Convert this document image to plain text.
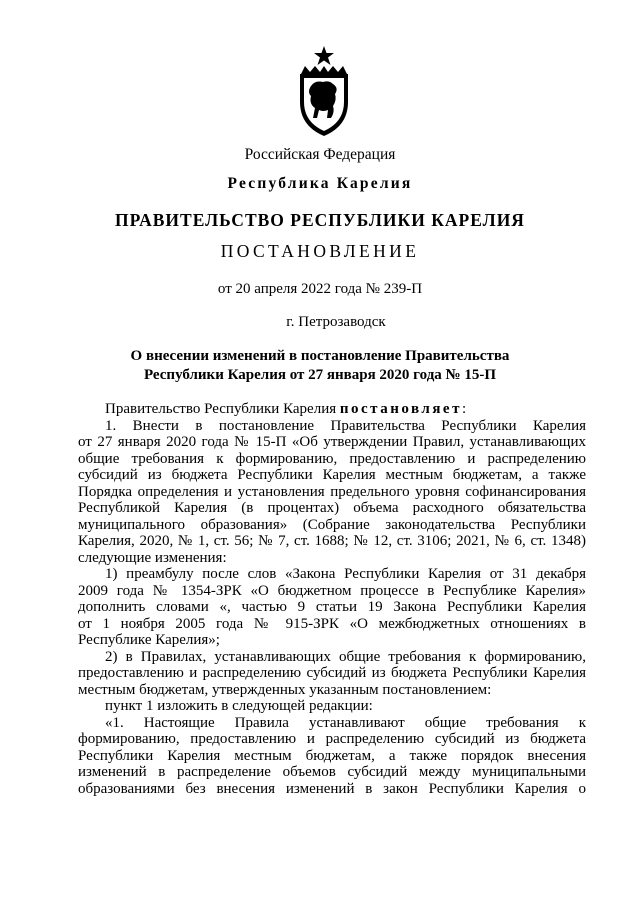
Российская Федерация
Республика Карелия
ПРАВИТЕЛЬСТВО РЕСПУБЛИКИ КАРЕЛИЯ
ПОСТАНОВЛЕНИЕ
от 20 апреля 2022 года № 239-П
г. Петрозаводск
О внесении изменений в постановление Правительства
Республики Карелия от 27 января 2020 года № 15-П
Правительство Республики Карелия постановляет:
1. Внести в постановление Правительства Республики Карелия
от 27 января 2020 года № 15-П «Об утверждении Правил, устанавливающих
общие требования к формированию, предоставлению и распределению
субсидий из бюджета Республики Карелия местным бюджетам, а также
Порядка определения и установления предельного уровня софинансирования
Республикой Карелия (в процентах) объема расходного обязательства
муниципального образования» (Собрание законодательства Республики
Карелия, 2020, № 1, ст. 56; № 7, ст. 1688; № 12, ст. 3106; 2021, № 6, ст. 1348)
следующие изменения:
1) преамбулу после слов «Закона Республики Карелия от 31 декабря
2009 года № 1354-ЗРК «О бюджетном процессе в Республике Карелия»
дополнить словами «, частью 9 статьи 19 Закона Республики Карелия
от 1 ноября 2005 года № 915-ЗРК «О межбюджетных отношениях в
Республике Карелия»;
2) в Правилах, устанавливающих общие требования к формированию,
предоставлению и распределению субсидий из бюджета Республики Карелия
местным бюджетам, утвержденных указанным постановлением:
пункт 1 изложить в следующей редакции:
«1. Настоящие Правила устанавливают общие требования к
формированию, предоставлению и распределению субсидий из бюджета
Республики Карелия местным бюджетам, а также порядок внесения
изменений в распределение объемов субсидий между муниципальными
образованиями без внесения изменений в закон Республики Карелия о
